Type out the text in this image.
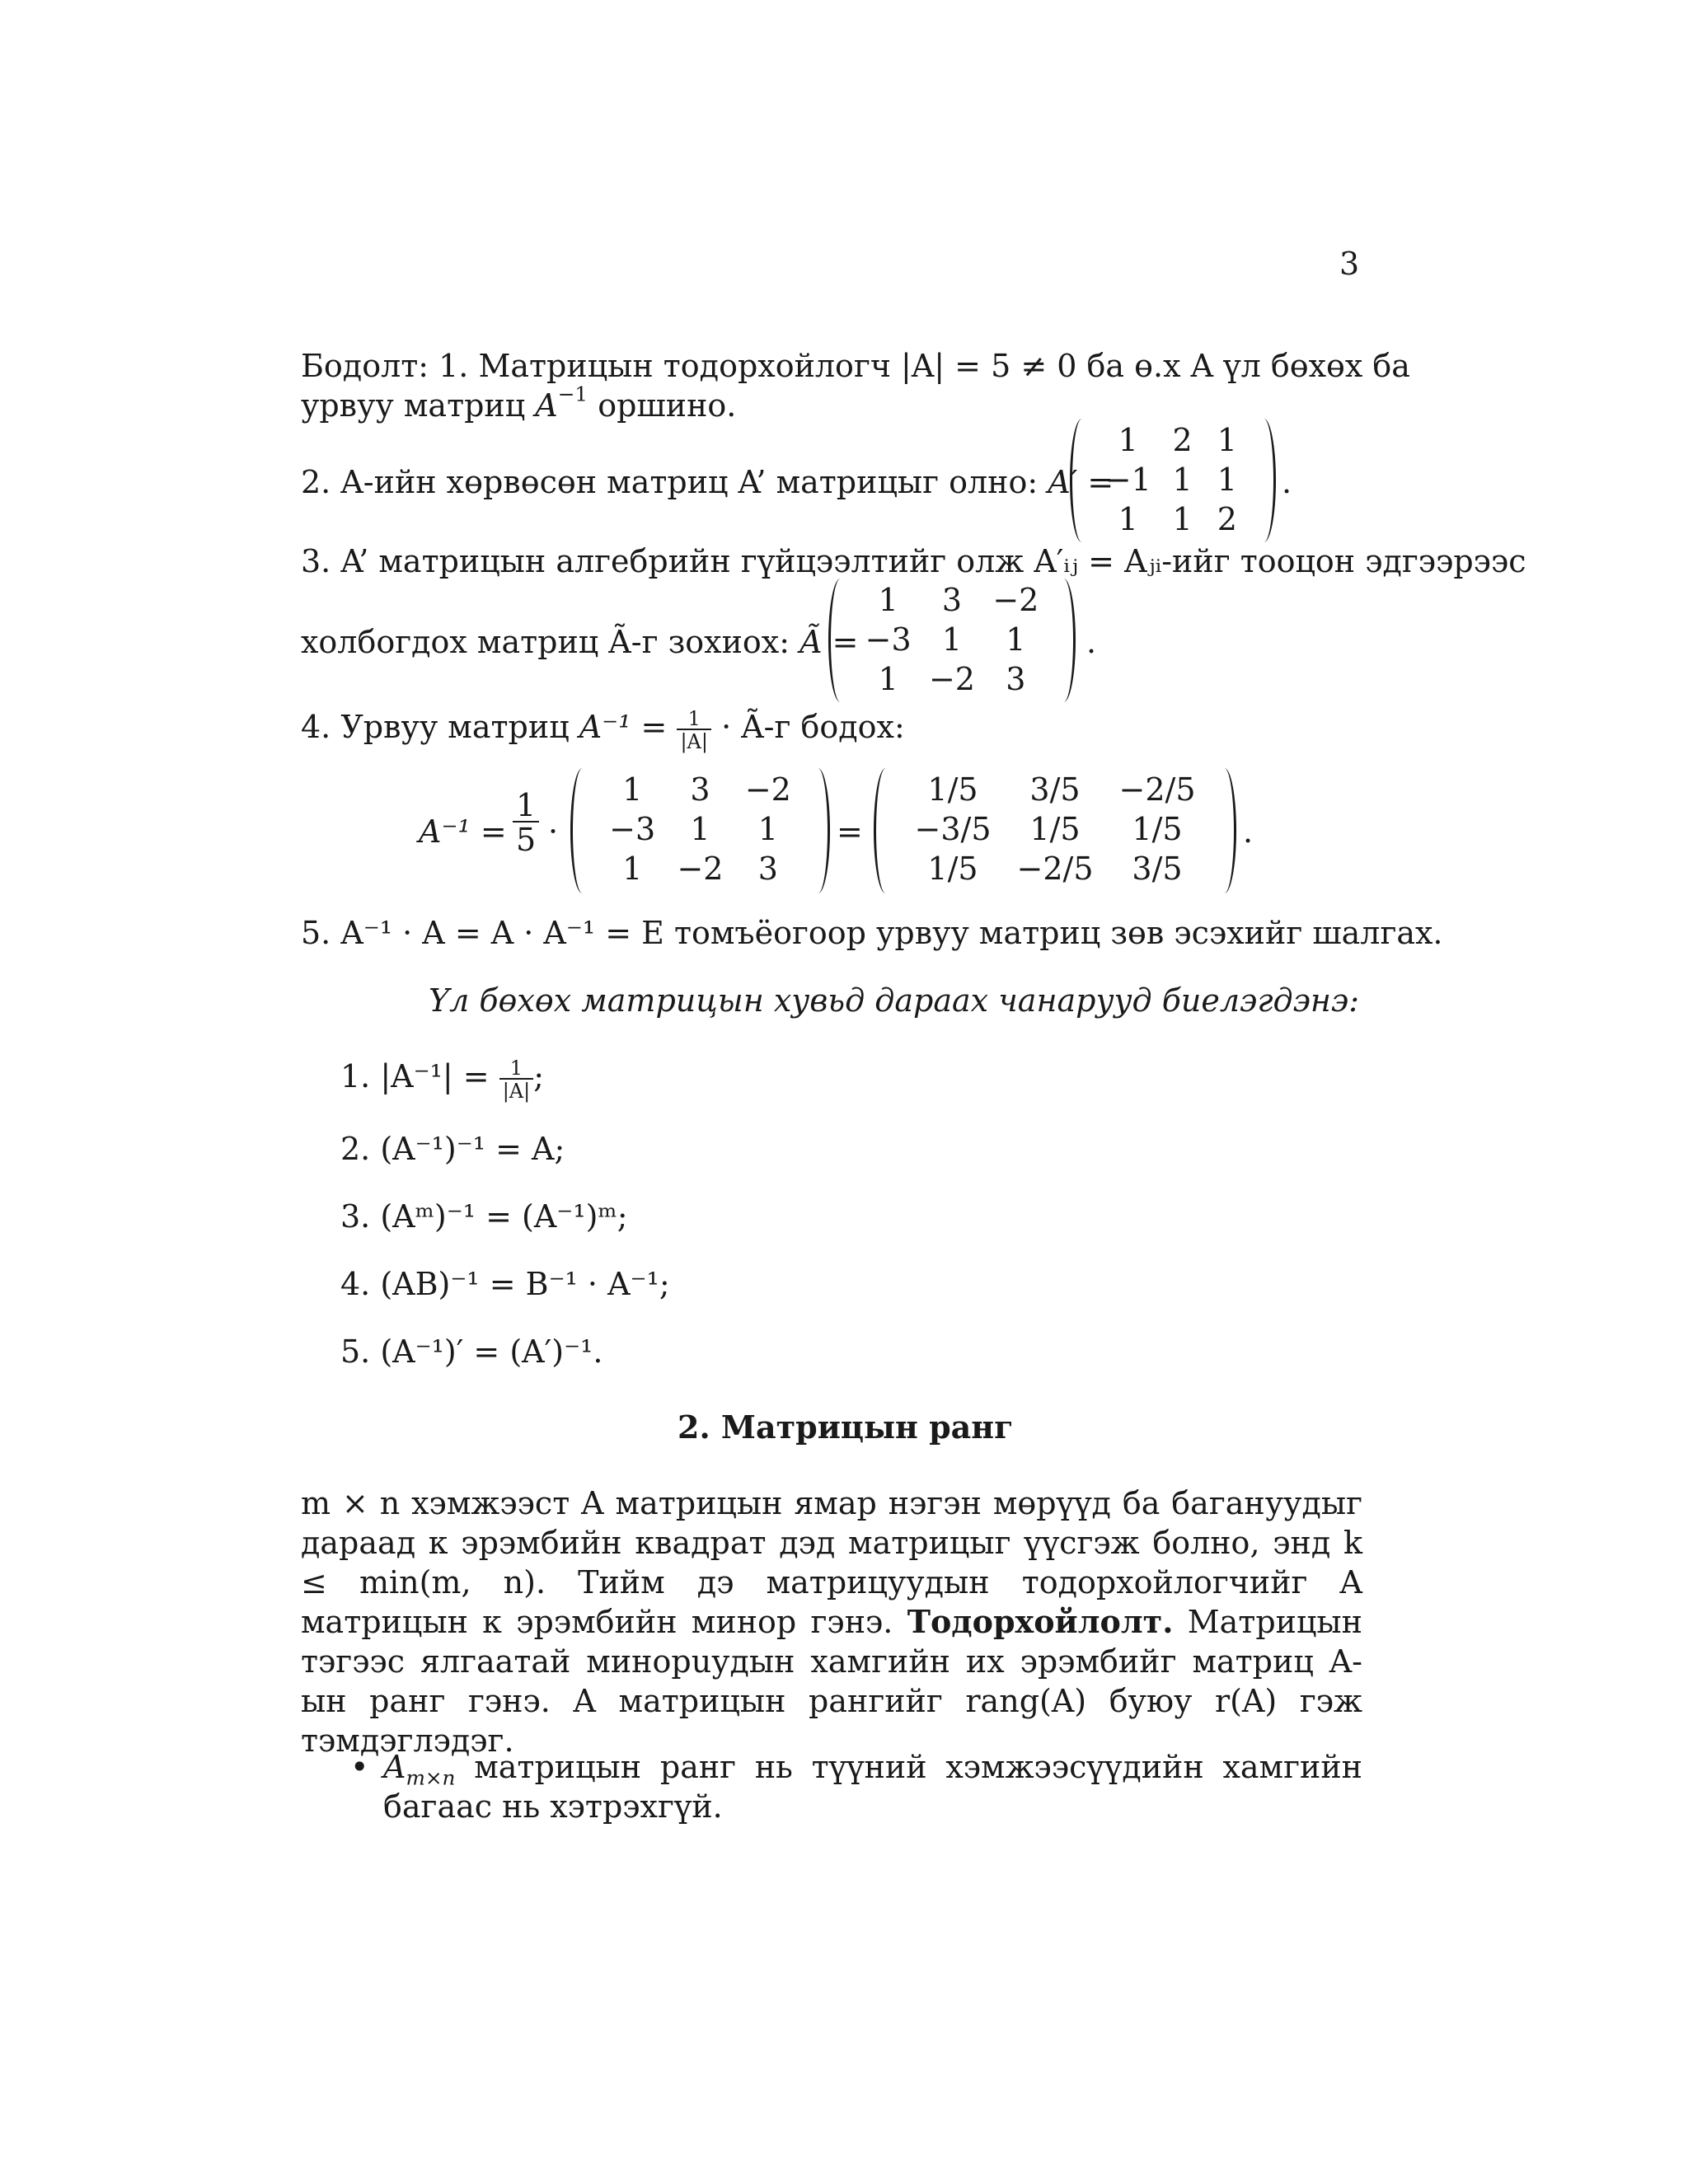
3
Бодолт: 1. Матрицын тодорхойлогч |A| = 5 ≠ 0 ба ө.х A үл бөхөх ба
урвуу матриц $A^{-1}$ оршино.
2. A-ийн хөрвөсөн матриц A’ матрицыг олно: A′ =
1	2 1
−1 1 1
1	1 2
.
3. A’ матрицын алгебрийн гүйцээлтийг олж A′ᵢⱼ = Aⱼᵢ-ийг тооцон эдгээрээс
холбогдох матриц Ã-г зохиох: Ã =
1	3 −2
−3 1	1
1 −2 3
.
4. Урвуу матриц $A^{-1} = \frac{1}{|A|}$ · Ã-г бодох:
$A^{-1} = \frac{1}{5}$ ·
1	3	−2
−3	1	1
1	−2	3
=
1/5	3/5	−2/5
−3/5	1/5	1/5
1/5	−2/5	3/5
.
5. A⁻¹ · A = A · A⁻¹ = E томъёогоор урвуу матриц зөв эсэхийг шалгах.
Үл бөхөх матрицын хувьд дараах чанарууд биелэгдэнэ:
1. $|A^{-1}| = \frac{1}{|A|}$ ;
2. (A⁻¹)⁻¹ = A;
3. (Aᵐ)⁻¹ = (A⁻¹)ᵐ;
4. (AB)⁻¹ = B⁻¹ · A⁻¹;
5. (A⁻¹)′ = (A′)⁻¹.
2. Матрицын ранг
m × n хэмжээст A матрицын ямар нэгэн мөрүүд ба багануудыг дараад к эрэмбийн квадрат дэд матрицыг үүсгэж болно, энд k ≤ min(m, n). Тийм дэ матрицуудын тодорхойлогчийг A матрицын к эрэмбийн минор гэнэ. Тодорхойлолт. Матрицын тэгээс ялгаатай минорuудын хамгийн их эрэмбийг матриц A-ын ранг гэнэ. A матрицын рангийг rang(A) буюу r(A) гэж тэмдэглэдэг.
• $A_{m\times n}$ матрицын ранг нь түүний хэмжээсүүдийн хамгийн багаас нь хэтрэхгүй.
